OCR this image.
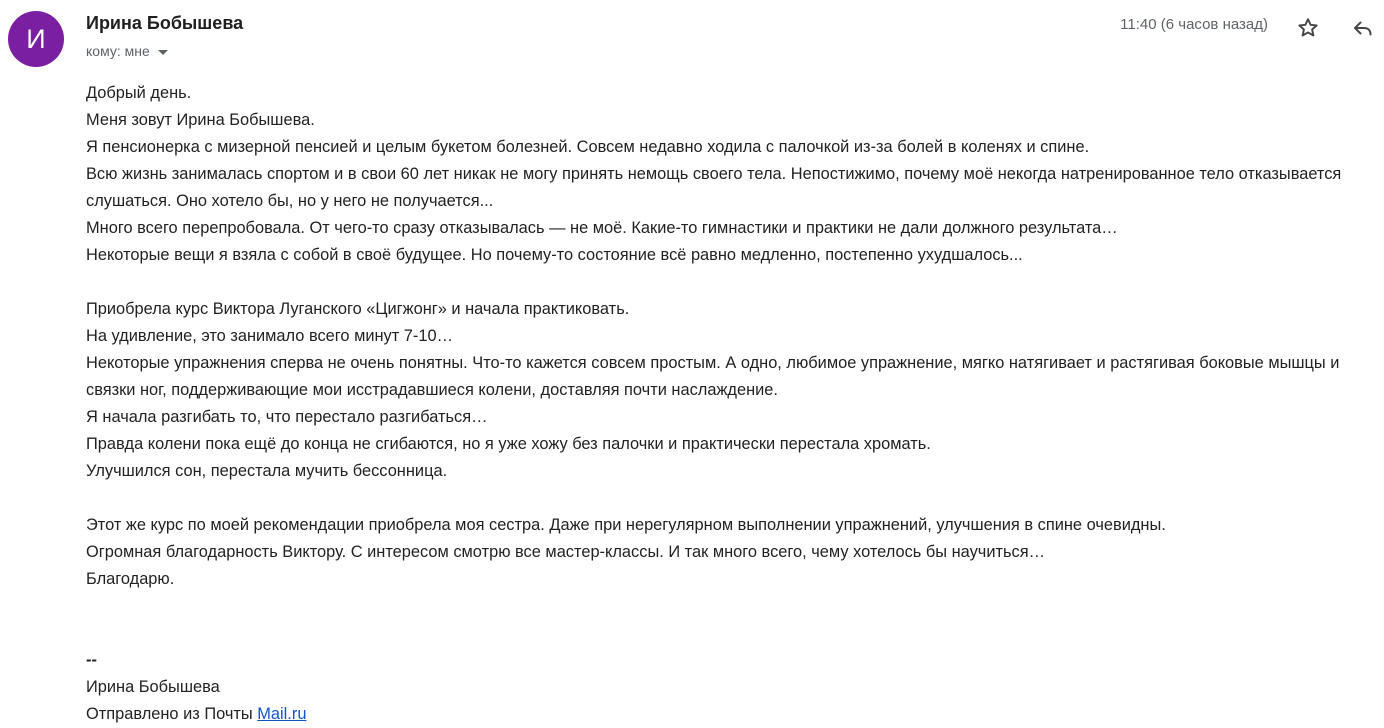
И
Ирина Бобышева
кому: мне
11:40 (6 часов назад)

Добрый день.

Меня зовут Ирина Бобышева.

Я пенсионерка с мизерной пенсией и целым букетом болезней. Совсем недавно ходила с палочкой из-за болей в коленях и спине.

Всю жизнь занималась спортом и в свои 60 лет никак не могу принять немощь своего тела. Непостижимо, почему моё некогда натренированное тело отказывается слушаться. Оно хотело бы, но у него не получается...

Много всего перепробовала. От чего-то сразу отказывалась — не моё. Какие-то гимнастики и практики не дали должного результата…

Некоторые вещи я взяла с собой в своё будущее. Но почему-то состояние всё равно медленно, постепенно ухудшалось...

Приобрела курс Виктора Луганского «Цигжонг» и начала практиковать.

На удивление, это занимало всего минут 7-10…

Некоторые упражнения сперва не очень понятны. Что-то кажется совсем простым. А одно, любимое упражнение, мягко натягивает и растягивая боковые мышцы и связки ног, поддерживающие мои исстрадавшиеся колени, доставляя почти наслаждение.

Я начала разгибать то, что перестало разгибаться…

Правда колени пока ещё до конца не сгибаются, но я уже хожу без палочки и практически перестала хромать.

Улучшился сон, перестала мучить бессонница.

Этот же курс по моей рекомендации приобрела моя сестра. Даже при нерегулярном выполнении упражнений, улучшения в спине очевидны.

Огромная благодарность Виктору. С интересом смотрю все мастер-классы. И так много всего, чему хотелось бы научиться…

Благодарю.

--

Ирина Бобышева

Отправлено из Почты Mail.ru
